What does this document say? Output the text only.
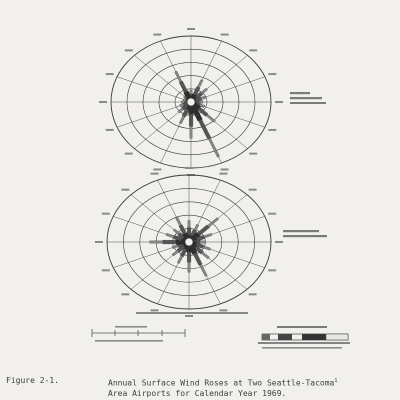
Figure 2-1.	Annual Surface Wind Roses at Two Seattle-Tacoma$^1$
Area Airports for Calendar Year 1969.
